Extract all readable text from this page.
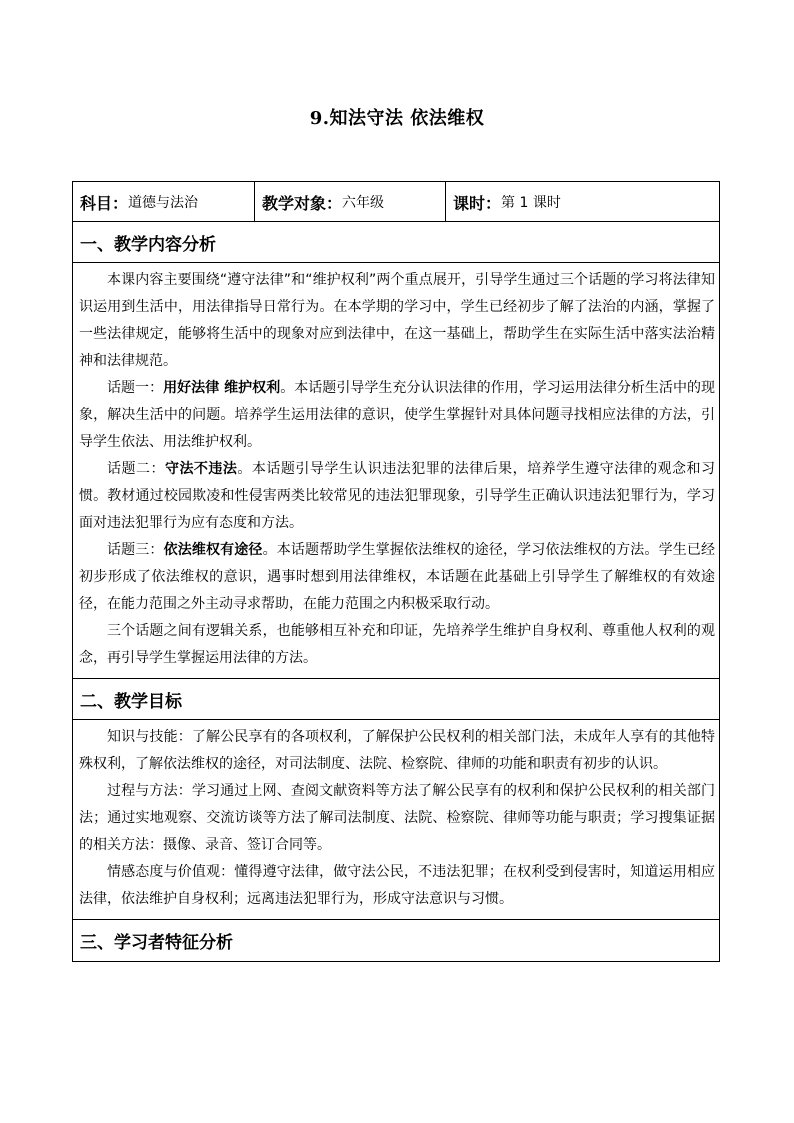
9.知法守法 依法维权
科目： 道德与法治	教学对象： 六年级	课时： 第 1 课时
一、教学内容分析

本课内容主要围绕“遵守法律”和“维护权利”两个重点展开，引导学生通过三个话题的学习将法律知识运用到生活中，用法律指导日常行为。在本学期的学习中，学生已经初步了解了法治的内涵，掌握了一些法律规定，能够将生活中的现象对应到法律中，在这一基础上，帮助学生在实际生活中落实法治精神和法律规范。

话题一：用好法律 维护权利。本话题引导学生充分认识法律的作用，学习运用法律分析生活中的现象，解决生活中的问题。培养学生运用法律的意识，使学生掌握针对具体问题寻找相应法律的方法，引导学生依法、用法维护权利。

话题二：守法不违法。本话题引导学生认识违法犯罪的法律后果，培养学生遵守法律的观念和习惯。教材通过校园欺凌和性侵害两类比较常见的违法犯罪现象，引导学生正确认识违法犯罪行为，学习面对违法犯罪行为应有态度和方法。

话题三：依法维权有途径。本话题帮助学生掌握依法维权的途径，学习依法维权的方法。学生已经初步形成了依法维权的意识，遇事时想到用法律维权，本话题在此基础上引导学生了解维权的有效途径，在能力范围之外主动寻求帮助，在能力范围之内积极采取行动。

三个话题之间有逻辑关系，也能够相互补充和印证，先培养学生维护自身权利、尊重他人权利的观念，再引导学生掌握运用法律的方法。

二、教学目标

知识与技能：了解公民享有的各项权利，了解保护公民权利的相关部门法，未成年人享有的其他特殊权利，了解依法维权的途径，对司法制度、法院、检察院、律师的功能和职责有初步的认识。

过程与方法：学习通过上网、查阅文献资料等方法了解公民享有的权利和保护公民权利的相关部门法；通过实地观察、交流访谈等方法了解司法制度、法院、检察院、律师等功能与职责；学习搜集证据的相关方法：摄像、录音、签订合同等。

情感态度与价值观：懂得遵守法律，做守法公民，不违法犯罪；在权利受到侵害时，知道运用相应法律，依法维护自身权利；远离违法犯罪行为，形成守法意识与习惯。

三、学习者特征分析
